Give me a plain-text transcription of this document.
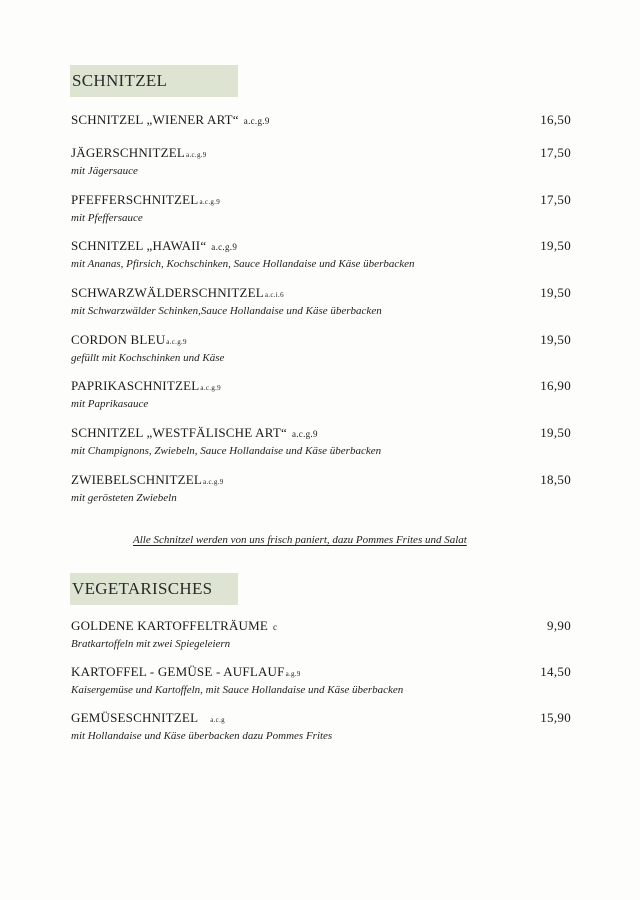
SCHNITZEL
SCHNITZEL „WIENER ART“ a.c.g.9	16,50
JÄGERSCHNITZELa.c.g.9
mit Jägersauce
17,50
PFEFFERSCHNITZELa.c.g.9
mit Pfeffersauce
17,50
SCHNITZEL „HAWAII“ a.c.g.9
mit Ananas, Pfirsich, Kochschinken, Sauce Hollandaise und Käse überbacken
19,50
SCHWARZWÄLDERSCHNITZELa.c.i.6
mit Schwarzwälder Schinken,Sauce Hollandaise und Käse überbacken
19,50
CORDON BLEUa.c.g.9
gefüllt mit Kochschinken und Käse
19,50
PAPRIKASCHNITZELa.c.g.9
mit Paprikasauce
16,90
SCHNITZEL „WESTFÄLISCHE ART“ a.c.g.9
mit Champignons, Zwiebeln, Sauce Hollandaise und Käse überbacken
19,50
ZWIEBELSCHNITZELa.c.g.9
mit gerösteten Zwiebeln
18,50
Alle Schnitzel werden von uns frisch paniert, dazu Pommes Frites und Salat
VEGETARISCHES
GOLDENE KARTOFFELTRÄUME c
Bratkartoffeln mit zwei Spiegeleiern
9,90
KARTOFFEL - GEMÜSE - AUFLAUFa.g.9
Kaisergemüse und Kartoffeln, mit Sauce Hollandaise und Käse überbacken
14,50
GEMÜSESCHNITZEL a.c.g
mit Hollandaise und Käse überbacken dazu Pommes Frites
15,90
